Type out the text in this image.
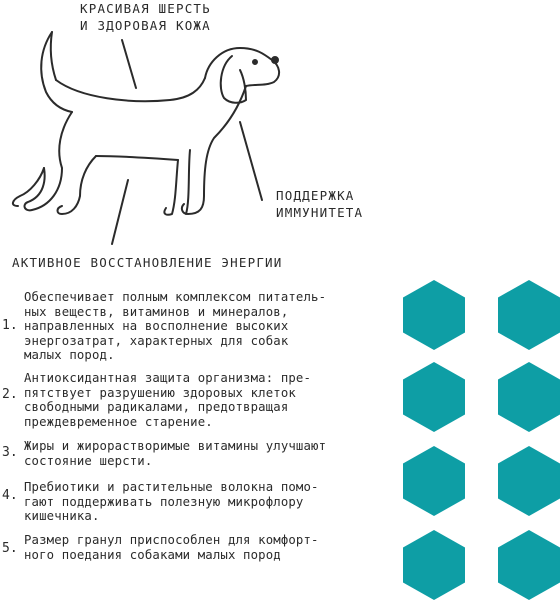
КРАСИВАЯ ШЕРСТЬ
И ЗДОРОВАЯ КОЖА
ПОДДЕРЖКА
ИММУНИТЕТА
АКТИВНОЕ ВОССТАНОВЛЕНИЕ ЭНЕРГИИ
1.
Обеспечивает полным комплексом питатель-
ных веществ, витаминов и минералов,
направленных на восполнение высоких
энергозатрат, характерных для собак
малых пород.
2.
Антиоксидантная защита организма: пре-
пятствует разрушению здоровых клеток
свободными радикалами, предотвращая
преждевременное старение.
3. Жиры и жирорастворимые витамины улучшают
состояние шерсти.
4.
Пребиотики и растительные волокна помо-
гают поддерживать полезную микрофлору
кишечника.
5.
Размер гранул приспособлен для комфорт-
ного поедания собаками малых пород
